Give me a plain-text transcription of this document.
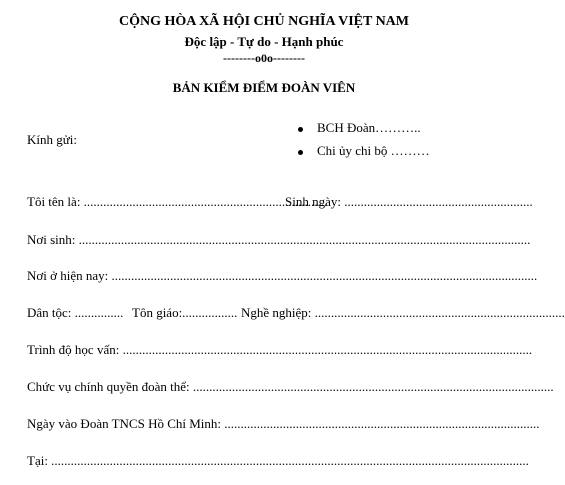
CỘNG HÒA XÃ HỘI CHỦ NGHĨA VIỆT NAM
Độc lập - Tự do - Hạnh phúc
--------o0o--------
BẢN KIỂM ĐIỂM ĐOÀN VIÊN
Kính gửi:
BCH Đoàn………..
Chi ủy chi bộ ………
Tôi tên là: ...........................................................................
Sinh ngày: ..........................................................
Nơi sinh: ...........................................................................................................................................
Nơi ở hiện nay: ...................................................................................................................................
Dân tộc: ............... Tôn giáo:................. Nghề nghiệp: .............................................................................
Trình độ học vấn: ..............................................................................................................................
Chức vụ chính quyền đoàn thể: ...............................................................................................................
Ngày vào Đoàn TNCS Hồ Chí Minh: .................................................................................................
Tại: ...................................................................................................................................................
